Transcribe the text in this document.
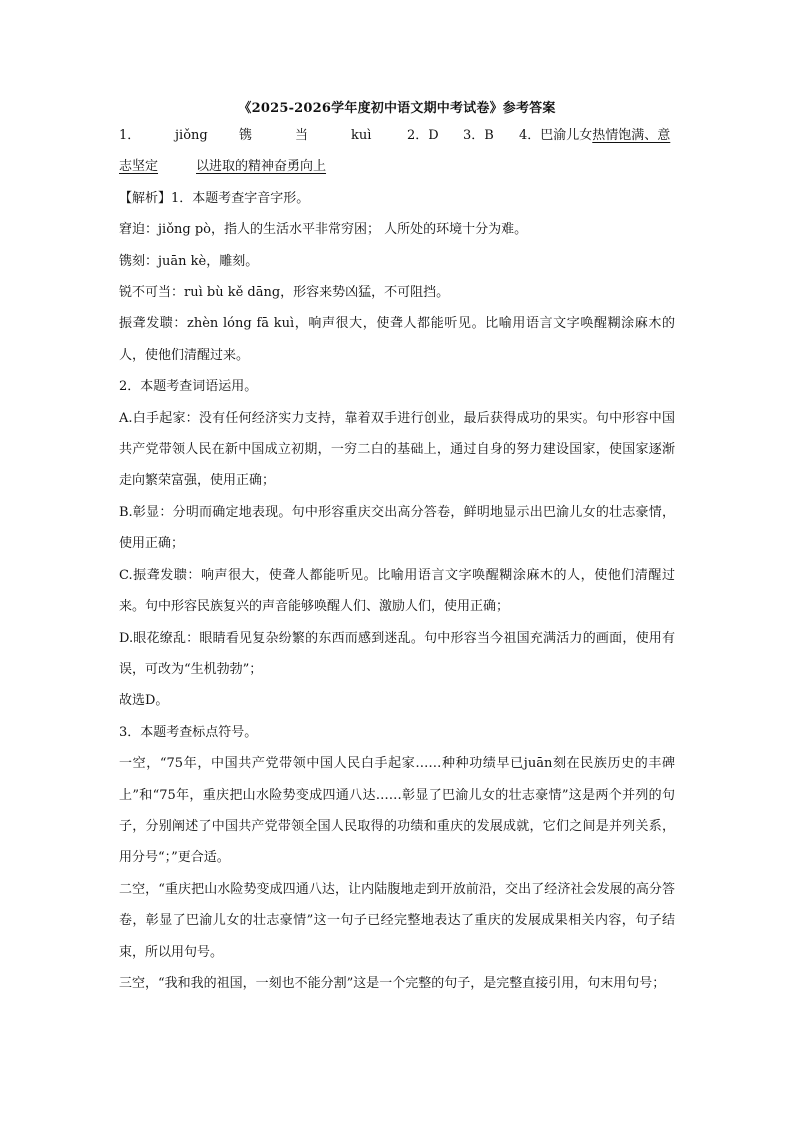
《2025-2026学年度初中语文期中考试卷》参考答案
1．	jiǒng	镌	当	kuì	2．D	3．B	4．巴渝儿女 热情饱满、意
志坚定	以进取的精神奋勇向上

【解析】1．本题考查字音字形。

窘迫：jiǒng pò，指人的生活水平非常穷困； 人所处的环境十分为难。

镌刻：juān kè，雕刻。

锐不可当：ruì bù kě dāng，形容来势凶猛，不可阻挡。

振聋发聩：zhèn lóng fā kuì，响声很大，使聋人都能听见。比喻用语言文字唤醒糊涂麻木的人，使他们清醒过来。

2．本题考查词语运用。

A.白手起家：没有任何经济实力支持，靠着双手进行创业，最后获得成功的果实。句中形容中国共产党带领人民在新中国成立初期，一穷二白的基础上，通过自身的努力建设国家，使国家逐渐走向繁荣富强，使用正确；

B.彰显：分明而确定地表现。句中形容重庆交出高分答卷，鲜明地显示出巴渝儿女的壮志豪情，使用正确；

C.振聋发聩：响声很大，使聋人都能听见。比喻用语言文字唤醒糊涂麻木的人，使他们清醒过来。句中形容民族复兴的声音能够唤醒人们、激励人们，使用正确；

D.眼花缭乱：眼睛看见复杂纷繁的东西而感到迷乱。句中形容当今祖国充满活力的画面，使用有误，可改为“生机勃勃”；

故选D。

3．本题考查标点符号。

一空，“75年，中国共产党带领中国人民白手起家……种种功绩早已juān刻在民族历史的丰碑上”和“75年，重庆把山水险势变成四通八达……彰显了巴渝儿女的壮志豪情”这是两个并列的句子，分别阐述了中国共产党带领全国人民取得的功绩和重庆的发展成就，它们之间是并列关系，用分号“；”更合适。

二空，“重庆把山水险势变成四通八达，让内陆腹地走到开放前沿，交出了经济社会发展的高分答卷，彰显了巴渝儿女的壮志豪情”这一句子已经完整地表达了重庆的发展成果相关内容，句子结束，所以用句号。

三空，“我和我的祖国，一刻也不能分割”这是一个完整的句子，是完整直接引用，句末用句号；
